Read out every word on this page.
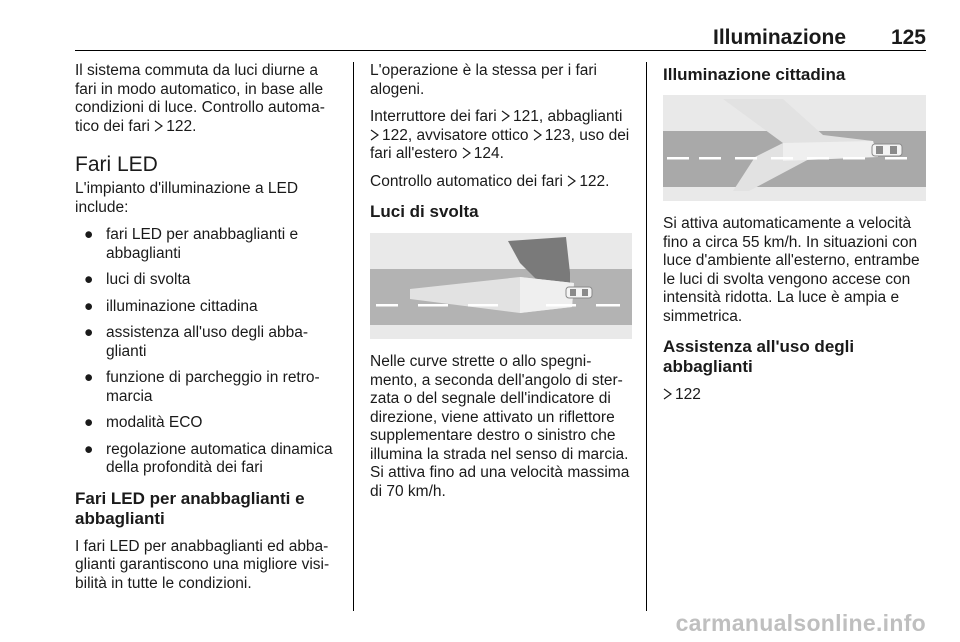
Illuminazione 125

Il sistema commuta da luci diurne a fari in modo automatico, in base alle condizioni di luce. Controllo automa-tico dei fari 122.

Fari LED

L'impianto d'illuminazione a LED include:

● fari LED per anabbaglianti e abbaglianti
● luci di svolta
● illuminazione cittadina
● assistenza all'uso degli abba-glianti
● funzione di parcheggio in retro-marcia
● modalità ECO
● regolazione automatica dinamica della profondità dei fari
Fari LED per anabbaglianti e abbaglianti

I fari LED per anabbaglianti ed abba-glianti garantiscono una migliore visi-bilità in tutte le condizioni.

L'operazione è la stessa per i fari alogeni.

Interruttore dei fari 121, abbaglianti 122, avvisatore ottico 123, uso dei fari all'estero 124.

Controllo automatico dei fari 122.

Luci di svolta

Nelle curve strette o allo spegni-mento, a seconda dell'angolo di ster-zata o del segnale dell'indicatore di direzione, viene attivato un riflettore supplementare destro o sinistro che illumina la strada nel senso di marcia. Si attiva fino ad una velocità massima di 70 km/h.

Illuminazione cittadina

Si attiva automaticamente a velocità fino a circa 55 km/h. In situazioni con luce d'ambiente all'esterno, entrambe le luci di svolta vengono accese con intensità ridotta. La luce è ampia e simmetrica.

Assistenza all'uso degli abbaglianti

122

carmanualsonline.info
